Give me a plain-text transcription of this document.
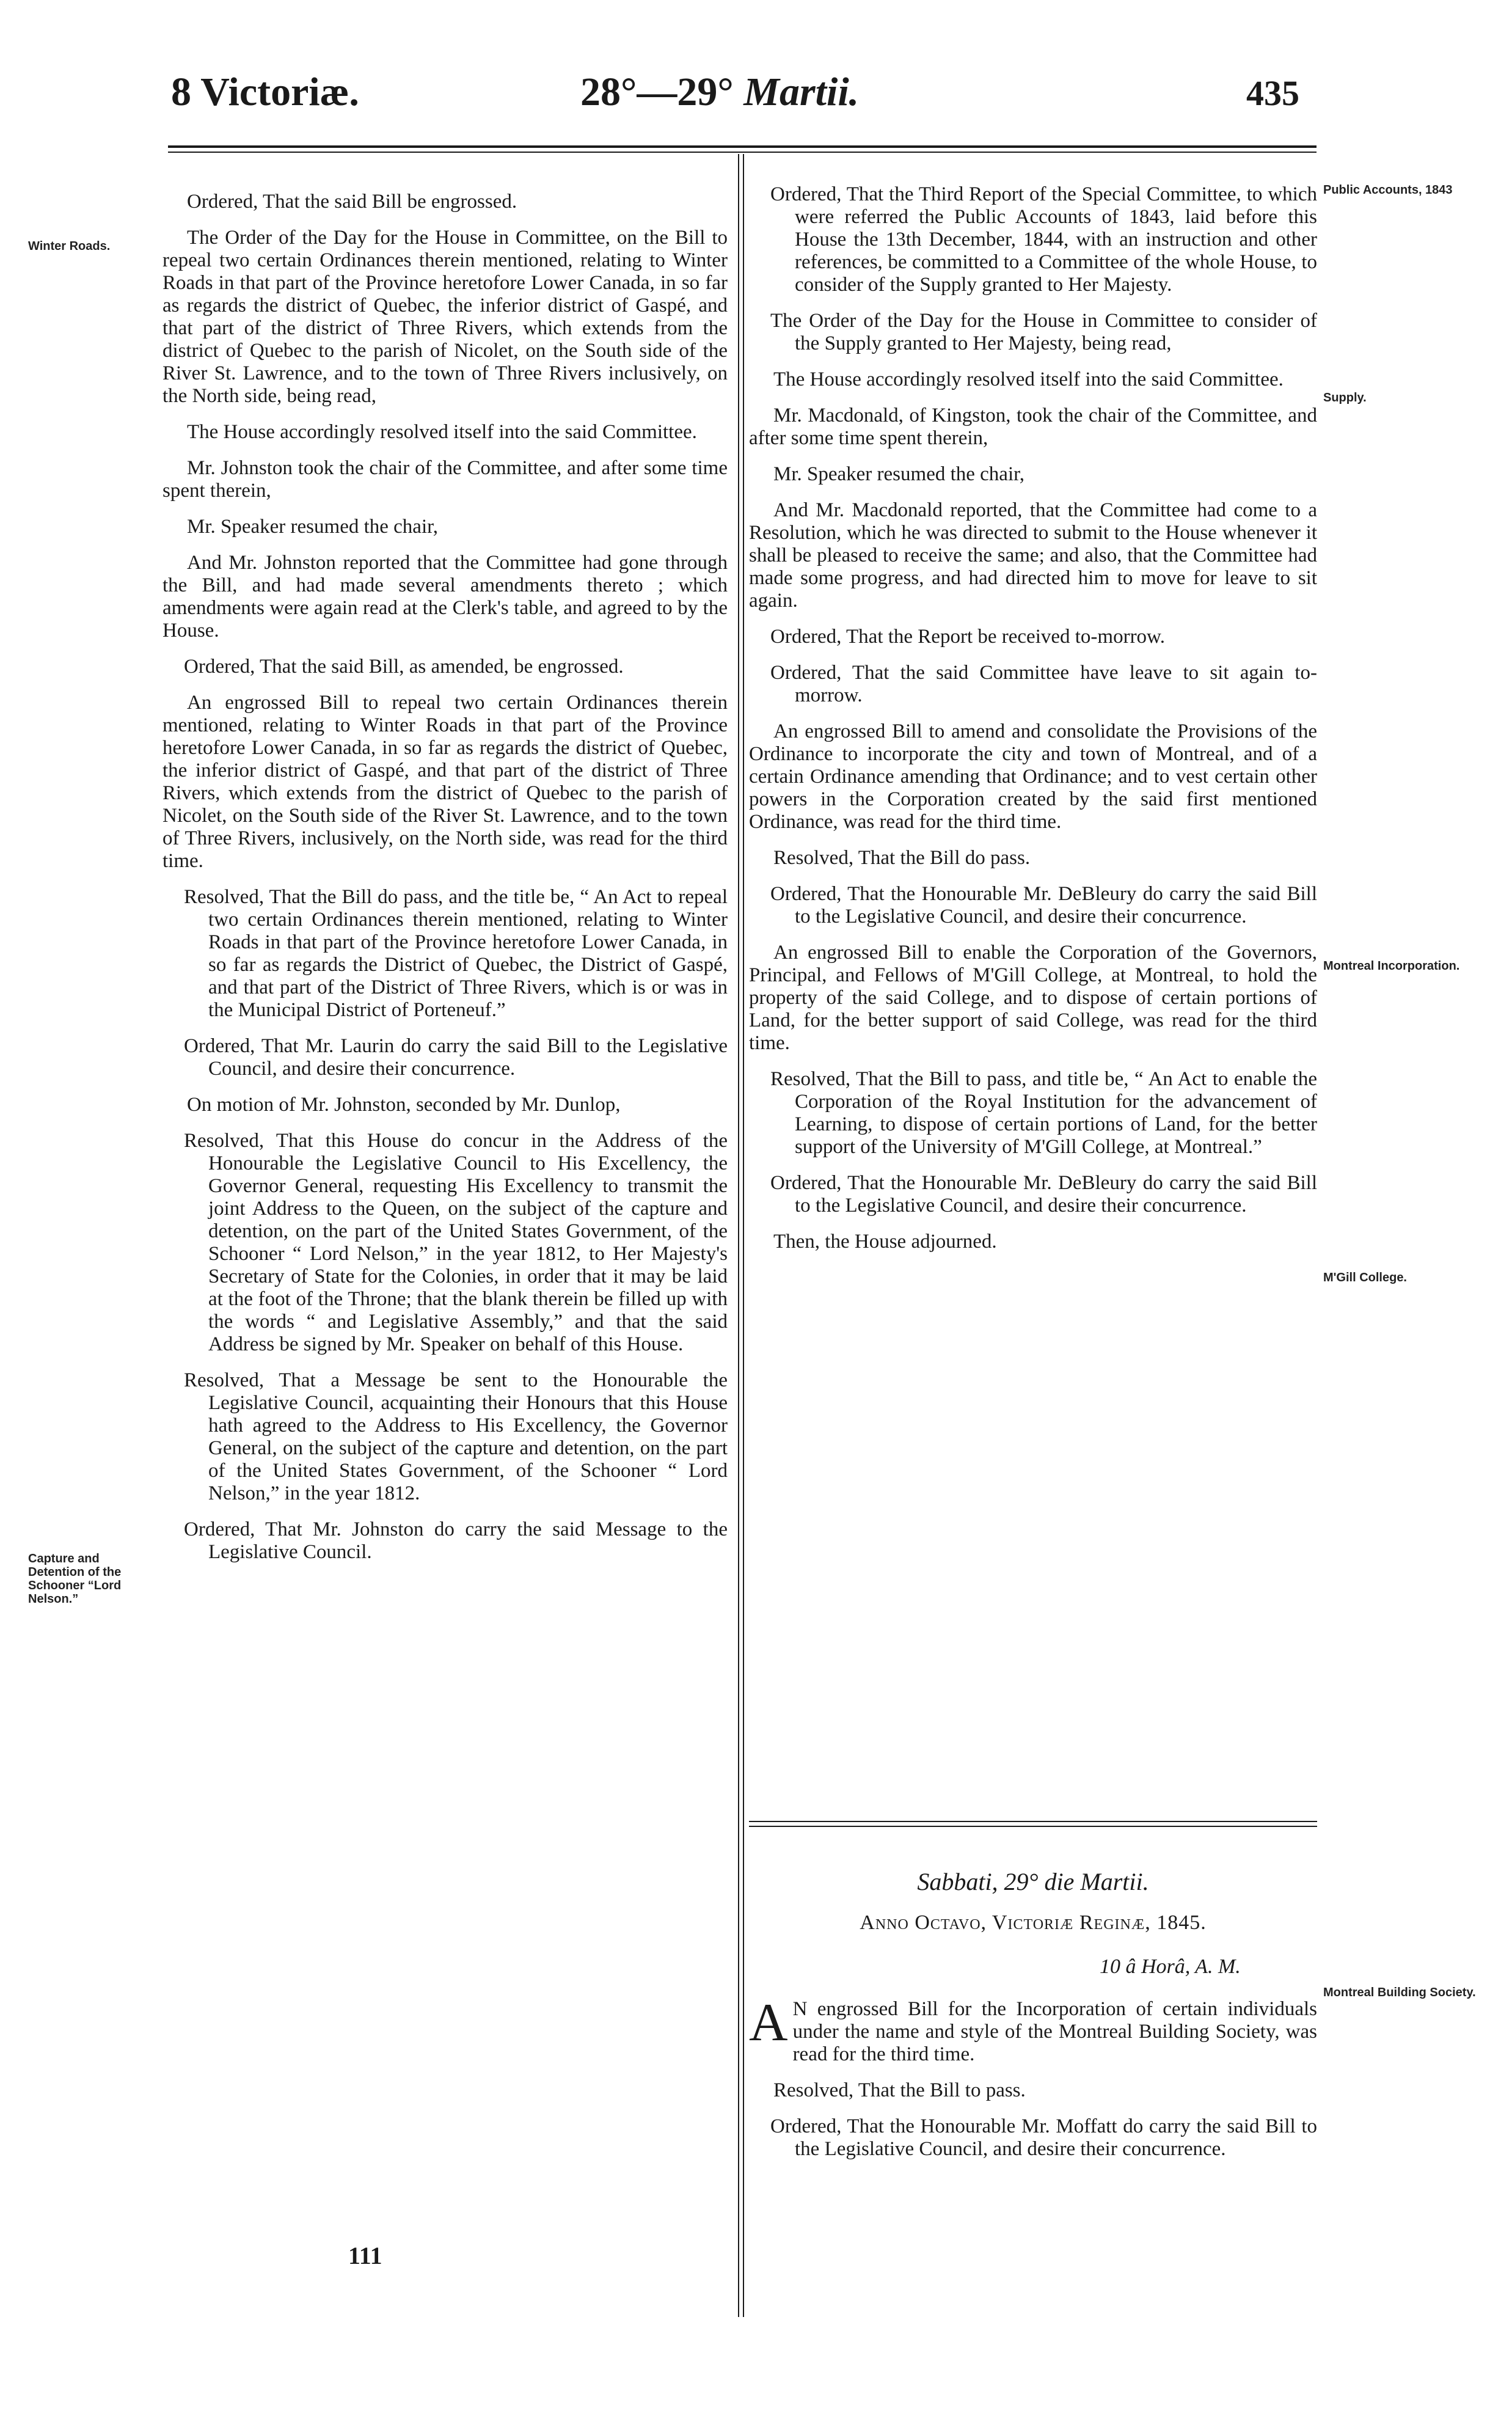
8 Victoriæ.	28°—29° Martii.	435
Winter Roads.
Capture and Detention of the Schooner “Lord Nelson.”
Public Accounts, 1843
Supply.
Montreal Incorporation.
M'Gill College.
Montreal Building Society.

Ordered, That the said Bill be engrossed.

The Order of the Day for the House in Committee, on the Bill to repeal two certain Ordinances therein mentioned, relating to Winter Roads in that part of the Province heretofore Lower Canada, in so far as regards the district of Quebec, the inferior district of Gaspé, and that part of the district of Three Rivers, which extends from the district of Quebec to the parish of Nicolet, on the South side of the River St. Lawrence, and to the town of Three Rivers inclusively, on the North side, being read,

The House accordingly resolved itself into the said Committee.

Mr. Johnston took the chair of the Committee, and after some time spent therein,

Mr. Speaker resumed the chair,

And Mr. Johnston reported that the Committee had gone through the Bill, and had made several amendments thereto ; which amendments were again read at the Clerk's table, and agreed to by the House.

Ordered, That the said Bill, as amended, be engrossed.

An engrossed Bill to repeal two certain Ordinances therein mentioned, relating to Winter Roads in that part of the Province heretofore Lower Canada, in so far as regards the district of Quebec, the inferior district of Gaspé, and that part of the district of Three Rivers, which extends from the district of Quebec to the parish of Nicolet, on the South side of the River St. Lawrence, and to the town of Three Rivers, inclusively, on the North side, was read for the third time.

Resolved, That the Bill do pass, and the title be, “ An Act to repeal two certain Ordinances therein mentioned, relating to Winter Roads in that part of the Province heretofore Lower Canada, in so far as regards the District of Quebec, the District of Gaspé, and that part of the District of Three Rivers, which is or was in the Municipal District of Porteneuf.”

Ordered, That Mr. Laurin do carry the said Bill to the Legislative Council, and desire their concurrence.

On motion of Mr. Johnston, seconded by Mr. Dunlop,

Resolved, That this House do concur in the Address of the Honourable the Legislative Council to His Excellency, the Governor General, requesting His Excellency to transmit the joint Address to the Queen, on the subject of the capture and detention, on the part of the United States Government, of the Schooner “ Lord Nelson,” in the year 1812, to Her Majesty's Secretary of State for the Colonies, in order that it may be laid at the foot of the Throne; that the blank therein be filled up with the words “ and Legislative Assembly,” and that the said Address be signed by Mr. Speaker on behalf of this House.

Resolved, That a Message be sent to the Honourable the Legislative Council, acquainting their Honours that this House hath agreed to the Address to His Excellency, the Governor General, on the subject of the capture and detention, on the part of the United States Government, of the Schooner “ Lord Nelson,” in the year 1812.

Ordered, That Mr. Johnston do carry the said Message to the Legislative Council.

111

Ordered, That the Third Report of the Special Committee, to which were referred the Public Accounts of 1843, laid before this House the 13th December, 1844, with an instruction and other references, be committed to a Committee of the whole House, to consider of the Supply granted to Her Majesty.

The Order of the Day for the House in Committee to consider of the Supply granted to Her Majesty, being read,

The House accordingly resolved itself into the said Committee.

Mr. Macdonald, of Kingston, took the chair of the Committee, and after some time spent therein,

Mr. Speaker resumed the chair,

And Mr. Macdonald reported, that the Committee had come to a Resolution, which he was directed to submit to the House whenever it shall be pleased to receive the same; and also, that the Committee had made some progress, and had directed him to move for leave to sit again.

Ordered, That the Report be received to-morrow.

Ordered, That the said Committee have leave to sit again to-morrow.

An engrossed Bill to amend and consolidate the Provisions of the Ordinance to incorporate the city and town of Montreal, and of a certain Ordinance amending that Ordinance; and to vest certain other powers in the Corporation created by the said first mentioned Ordinance, was read for the third time.

Resolved, That the Bill do pass.

Ordered, That the Honourable Mr. DeBleury do carry the said Bill to the Legislative Council, and desire their concurrence.

An engrossed Bill to enable the Corporation of the Governors, Principal, and Fellows of M'Gill College, at Montreal, to hold the property of the said College, and to dispose of certain portions of Land, for the better support of said College, was read for the third time.

Resolved, That the Bill to pass, and title be, “ An Act to enable the Corporation of the Royal Institution for the advancement of Learning, to dispose of certain portions of Land, for the better support of the University of M'Gill College, at Montreal.”

Ordered, That the Honourable Mr. DeBleury do carry the said Bill to the Legislative Council, and desire their concurrence.

Then, the House adjourned.

Sabbati, 29° die Martii.
Anno Octavo, Victoriæ Reginæ, 1845.
10 â Horâ, A. M.

A N engrossed Bill for the Incorporation of certain individuals under the name and style of the Montreal Building Society, was read for the third time.

Resolved, That the Bill to pass.

Ordered, That the Honourable Mr. Moffatt do carry the said Bill to the Legislative Council, and desire their concurrence.
